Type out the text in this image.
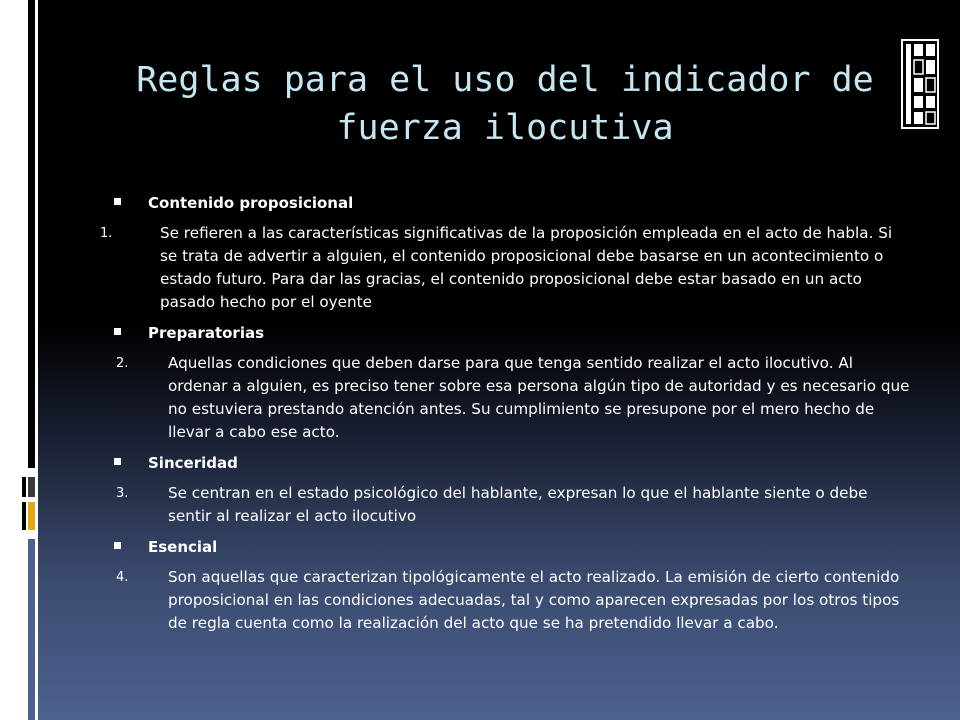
Reglas para el uso del indicador de fuerza ilocutiva
Contenido proposicional
1.	Se refieren a las características significativas de la proposición empleada en el acto de habla. Si se trata de advertir a alguien, el contenido proposicional debe basarse en un acontecimiento o estado futuro. Para dar las gracias, el contenido proposicional debe estar basado en un acto pasado hecho por el oyente
Preparatorias
2.	Aquellas condiciones que deben darse para que tenga sentido realizar el acto ilocutivo. Al ordenar a alguien, es preciso tener sobre esa persona algún tipo de autoridad y es necesario que no estuviera prestando atención antes. Su cumplimiento se presupone por el mero hecho de llevar a cabo ese acto.
Sinceridad
3.	Se centran en el estado psicológico del hablante, expresan lo que el hablante siente o debe sentir al realizar el acto ilocutivo
Esencial
4.	Son aquellas que caracterizan tipológicamente el acto realizado. La emisión de cierto contenido proposicional en las condiciones adecuadas, tal y como aparecen expresadas por los otros tipos de regla cuenta como la realización del acto que se ha pretendido llevar a cabo.
